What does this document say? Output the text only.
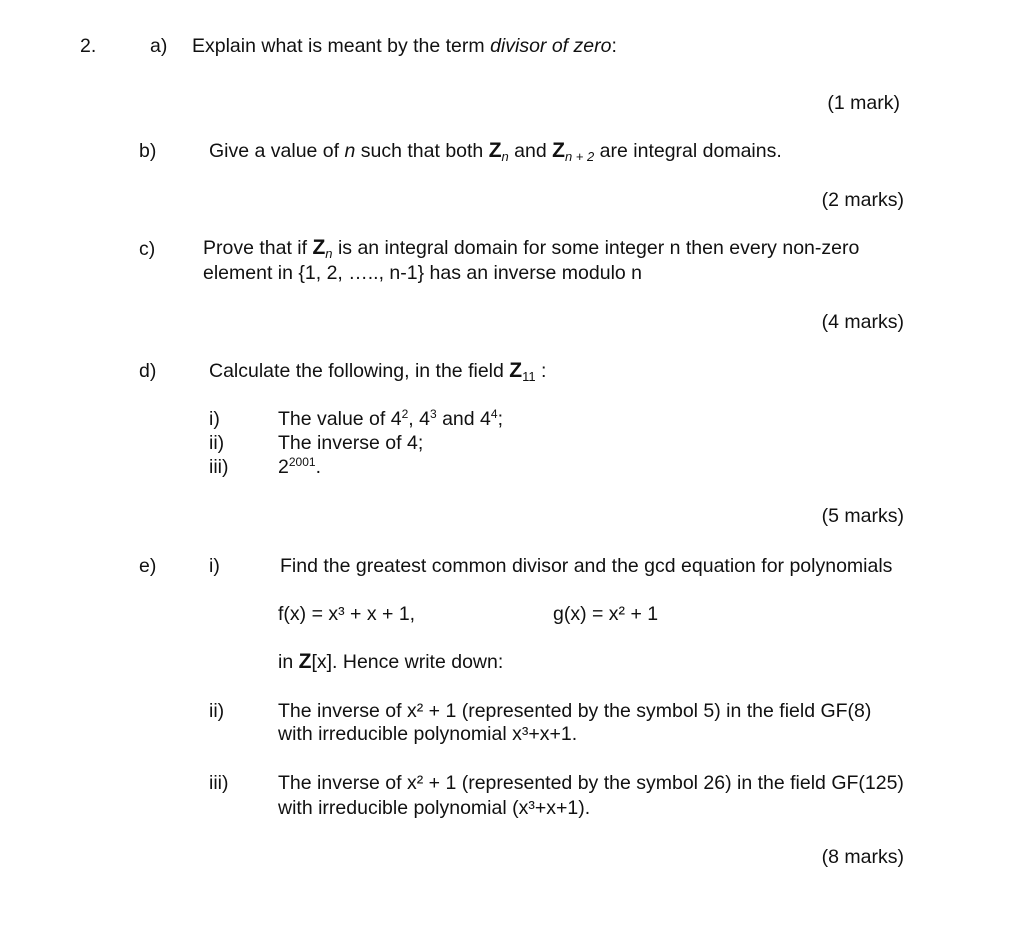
2.	a) Explain what is meant by the term divisor of zero:
(1 mark)
b)	Give a value of n such that both $Z_n$ and $Z_{n + 2}$ are integral domains.
(2 marks)
c) Prove that if $Z_n$ is an integral domain for some integer n then every non-zero
element in {1, 2, ….., n-1} has an inverse modulo n
(4 marks)
d)	Calculate the following, in the field $Z_{11}$ :
i)	The value of $4^2$, $4^3$ and $4^4$;
ii)	The inverse of 4;
iii)	$2^{2001}$.
(5 marks)
e)	i)	Find the greatest common divisor and the gcd equation for polynomials
f(x) = x³ + x + 1,	g(x) = x² + 1
in Z[x]. Hence write down:
ii)	The inverse of x² + 1 (represented by the symbol 5) in the field GF(8)
with irreducible polynomial x³+x+1.
iii)	The inverse of x² + 1 (represented by the symbol 26) in the field GF(125)
with irreducible polynomial (x³+x+1).
(8 marks)
